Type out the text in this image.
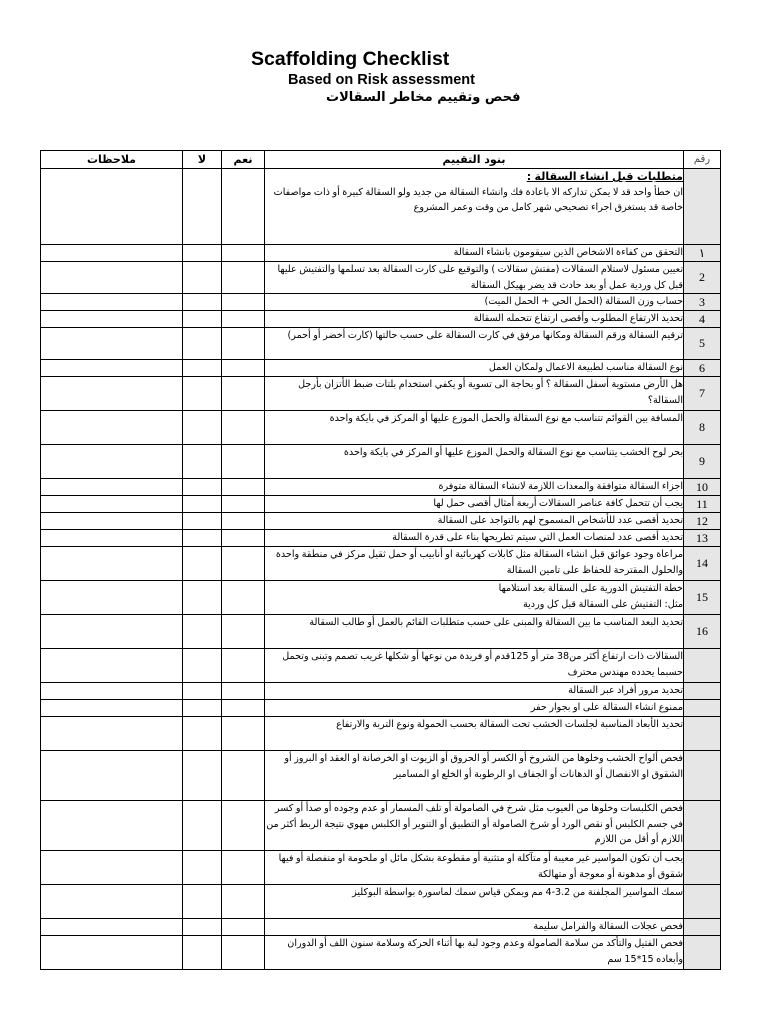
Scaffolding Checklist
Based on Risk assessment
فحص وتقييم مخاطر السقالات
ملاحظات	لا	نعم	بنود التقييم	رقم

			متطلبات قبل انشاء السقالة :
ان خطأ واحد قد لا يمكن تداركه الا باعادة فك وانشاء السقالة من جديد ولو السقالة كبيرة أو ذات مواصفات خاصة قد يستغرق اجراء تصحيحي شهر كامل من وقت وعمر المشروع	

			التحقق من كفاءة الاشخاص الذين سيقومون بانشاء السقالة	١
			تعيين مسئول لاستلام السقالات (مفتش سقالات ) والتوقيع على كارت السقالة بعد تسلمها والتفتيش عليها قبل كل وردية عمل أو بعد حادث قد يضر بهيكل السقالة	2
			حساب وزن السقالة (الحمل الحي + الحمل الميت)	3
			تحديد الارتفاع المطلوب وأقصى ارتفاع تتحمله السقالة	4
			ترقيم السقالة ورقم السقالة ومكانها مرفق في كارت السقالة على حسب حالتها (كارت أخضر أو أحمر)	5
			نوع السقالة مناسب لطبيعة الاعمال ولمكان العمل	6
			هل الأرض مستوية أسفل السقالة ؟ أو بحاجة الى تسوية أو يكفي استخدام بلتات ضبط الأتزان بأرجل السقالة؟	7
			المسافة بين القوائم تتناسب مع نوع السقالة والحمل الموزع عليها أو المركز في بايكة واحدة	8
			بحر لوح الخشب يتناسب مع نوع السقالة والحمل الموزع عليها أو المركز في بايكة واحدة	9
			اجزاء السقالة متوافقة والمعدات اللازمة لانشاء السقالة متوفرة	10
			يجب أن تتحمل كافة عناصر السقالات أربعة أمثال أقصى حمل لها	11
			تحديد أقصى عدد للأشخاص المسموح لهم بالتواجد على السقالة	12
			تحديد أقصى عدد لمنصات العمل التي سيتم تطريحها بناء على قدرة السقالة	13
			مراعاة وجود عوائق قبل انشاء السقالة مثل كابلات كهربائية او أنابيب أو حمل ثقيل مركز في منطقة واحدة والحلول المقترحة للحفاظ على تامين السقالة	14
			خطة التفتيش الدورية على السقالة بعد استلامها
مثل: التفتيش على السقالة قبل كل وردية	15
			تحديد البعد المناسب ما بين السقالة والمبنى على حسب متطلبات القائم بالعمل أو طالب السقالة	16
			السقالات ذات ارتفاع أكثر من38 متر أو 125قدم أو فريدة من نوعها أو شكلها غريب تصمم وتبنى وتحمل حسبما يحدده مهندس محترف	
			تحديد مرور أفراد عبر السقالة	
			ممنوع انشاء السقالة على او بجوار حفر	
			تحديد الأبعاد المناسبة لجلسات الخشب تحت السقالة بحسب الحمولة ونوع التربة والارتفاع	
			فحص ألواح الخشب وخلوها من الشروخ أو الكسر أو الحروق أو الزيوت او الخرصانة او العقد او البروز أو الشقوق او الانفصال أو الدهانات أو الجفاف او الرطوبة أو الخلع او المسامير	
			فحص الكلبسات وخلوها من العيوب مثل شرخ في الصامولة أو تلف المسمار أو عدم وجوده أو صدأ أو كسر في جسم الكلبس أو نقص الورد أو شرخ الصامولة أو التطبيق أو التنوير أو الكلبس مهوي نتيجة الربط أكثر من اللازم أو أقل من اللازم	
			يجب أن تكون المواسير غير معيبة أو متآكلة او متثنية أو مقطوعة بشكل مائل او ملحومة او منفصلة أو فيها شقوق أو مدهونة أو معوجة أو متهالكة	
			سمك المواسير المجلفنة من 3.2-4 مم ويمكن قياس سمك لماسورة بواسطة البوكليز	
			فحص عجلات السقالة والفرامل سليمة	
			فحص الفتيل والتأكد من سلامة الصامولة وعدم وجود لبة بها أثناء الحركة وسلامة سنون اللف أو الدوران وأبعاده 15*15 سم	
